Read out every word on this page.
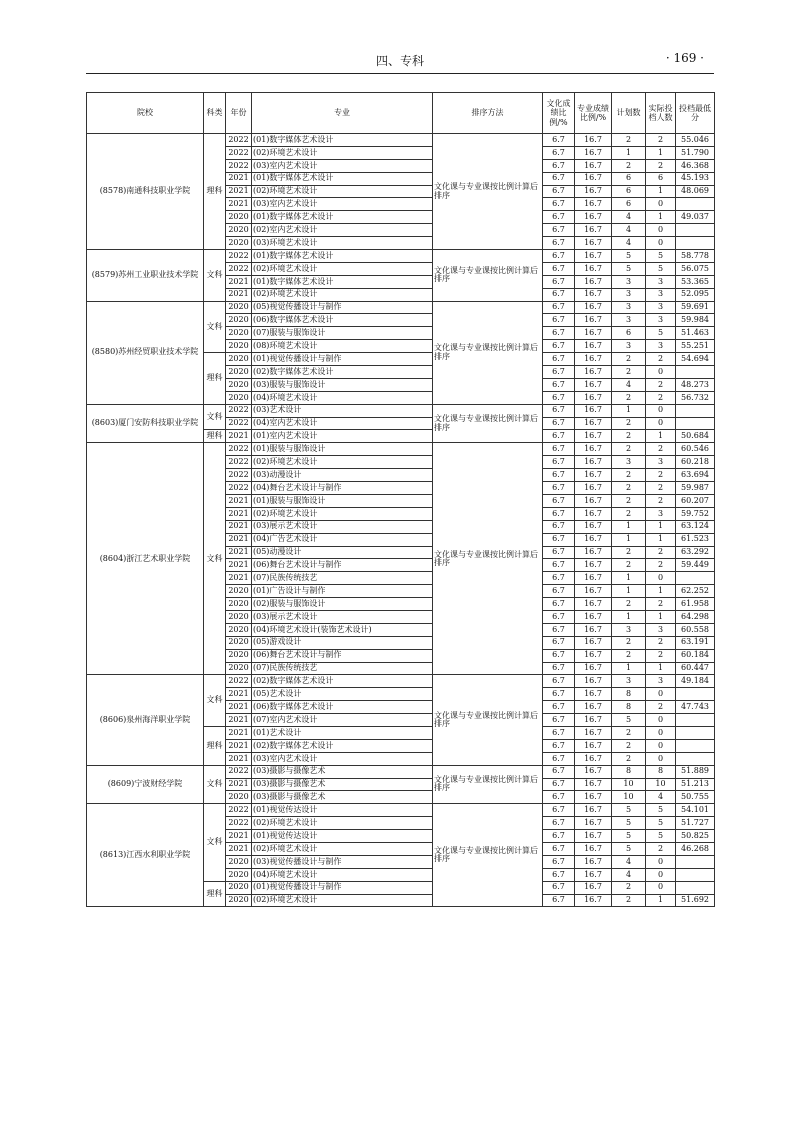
四、专科	· 169 ·
院校	科类	年份	专业	排序方法	文化成绩比例/%	专业成绩比例/%	计划数	实际投档人数	投档最低分
(8578)南通科技职业学院	理科	2022	(01)数字媒体艺术设计	文化课与专业课按比例计算后排序	6.7	16.7	2	2	55.046
		2022	(02)环境艺术设计		6.7	16.7	1	1	51.790
		2022	(03)室内艺术设计		6.7	16.7	2	2	46.368
		2021	(01)数字媒体艺术设计		6.7	16.7	6	6	45.193
		2021	(02)环境艺术设计		6.7	16.7	6	1	48.069
		2021	(03)室内艺术设计		6.7	16.7	6	0	
		2020	(01)数字媒体艺术设计		6.7	16.7	4	1	49.037
		2020	(02)室内艺术设计		6.7	16.7	4	0	
		2020	(03)环境艺术设计		6.7	16.7	4	0	
(8579)苏州工业职业技术学院	文科	2022	(01)数字媒体艺术设计	文化课与专业课按比例计算后排序	6.7	16.7	5	5	58.778
		2022	(02)环境艺术设计		6.7	16.7	5	5	56.075
		2021	(01)数字媒体艺术设计		6.7	16.7	3	3	53.365
		2021	(02)环境艺术设计		6.7	16.7	3	3	52.095
(8580)苏州经贸职业技术学院	文科	2020	(05)视觉传播设计与制作	文化课与专业课按比例计算后排序	6.7	16.7	3	3	59.691
		2020	(06)数字媒体艺术设计		6.7	16.7	3	3	59.984
		2020	(07)服装与服饰设计		6.7	16.7	6	5	51.463
		2020	(08)环境艺术设计		6.7	16.7	3	3	55.251
	理科	2020	(01)视觉传播设计与制作		6.7	16.7	2	2	54.694
		2020	(02)数字媒体艺术设计		6.7	16.7	2	0	
		2020	(03)服装与服饰设计		6.7	16.7	4	2	48.273
		2020	(04)环境艺术设计		6.7	16.7	2	2	56.732
(8603)厦门安防科技职业学院	文科	2022	(03)艺术设计	文化课与专业课按比例计算后排序	6.7	16.7	1	0	
		2022	(04)室内艺术设计		6.7	16.7	2	0	
	理科	2021	(01)室内艺术设计		6.7	16.7	2	1	50.684
(8604)浙江艺术职业学院	文科	2022	(01)服装与服饰设计	文化课与专业课按比例计算后排序	6.7	16.7	2	2	60.546
		2022	(02)环境艺术设计		6.7	16.7	3	3	60.218
		2022	(03)动漫设计		6.7	16.7	2	2	63.694
		2022	(04)舞台艺术设计与制作		6.7	16.7	2	2	59.987
		2021	(01)服装与服饰设计		6.7	16.7	2	2	60.207
		2021	(02)环境艺术设计		6.7	16.7	2	3	59.752
		2021	(03)展示艺术设计		6.7	16.7	1	1	63.124
		2021	(04)广告艺术设计		6.7	16.7	1	1	61.523
		2021	(05)动漫设计		6.7	16.7	2	2	63.292
		2021	(06)舞台艺术设计与制作		6.7	16.7	2	2	59.449
		2021	(07)民族传统技艺		6.7	16.7	1	0	
		2020	(01)广告设计与制作		6.7	16.7	1	1	62.252
		2020	(02)服装与服饰设计		6.7	16.7	2	2	61.958
		2020	(03)展示艺术设计		6.7	16.7	1	1	64.298
		2020	(04)环境艺术设计(装饰艺术设计)		6.7	16.7	3	3	60.558
		2020	(05)游戏设计		6.7	16.7	2	2	63.191
		2020	(06)舞台艺术设计与制作		6.7	16.7	2	2	60.184
		2020	(07)民族传统技艺		6.7	16.7	1	1	60.447
(8606)泉州海洋职业学院	文科	2022	(02)数字媒体艺术设计	文化课与专业课按比例计算后排序	6.7	16.7	3	3	49.184
		2021	(05)艺术设计		6.7	16.7	8	0	
		2021	(06)数字媒体艺术设计		6.7	16.7	8	2	47.743
		2021	(07)室内艺术设计		6.7	16.7	5	0	
	理科	2021	(01)艺术设计		6.7	16.7	2	0	
		2021	(02)数字媒体艺术设计		6.7	16.7	2	0	
		2021	(03)室内艺术设计		6.7	16.7	2	0	
(8609)宁波财经学院	文科	2022	(03)摄影与摄像艺术	文化课与专业课按比例计算后排序	6.7	16.7	8	8	51.889
		2021	(03)摄影与摄像艺术		6.7	16.7	10	10	51.213
		2020	(03)摄影与摄像艺术		6.7	16.7	10	4	50.755
(8613)江西水利职业学院	文科	2022	(01)视觉传达设计	文化课与专业课按比例计算后排序	6.7	16.7	5	5	54.101
		2022	(02)环境艺术设计		6.7	16.7	5	5	51.727
		2021	(01)视觉传达设计		6.7	16.7	5	5	50.825
		2021	(02)环境艺术设计		6.7	16.7	5	2	46.268
		2020	(03)视觉传播设计与制作		6.7	16.7	4	0	
		2020	(04)环境艺术设计		6.7	16.7	4	0	
	理科	2020	(01)视觉传播设计与制作		6.7	16.7	2	0	
		2020	(02)环境艺术设计		6.7	16.7	2	1	51.692
